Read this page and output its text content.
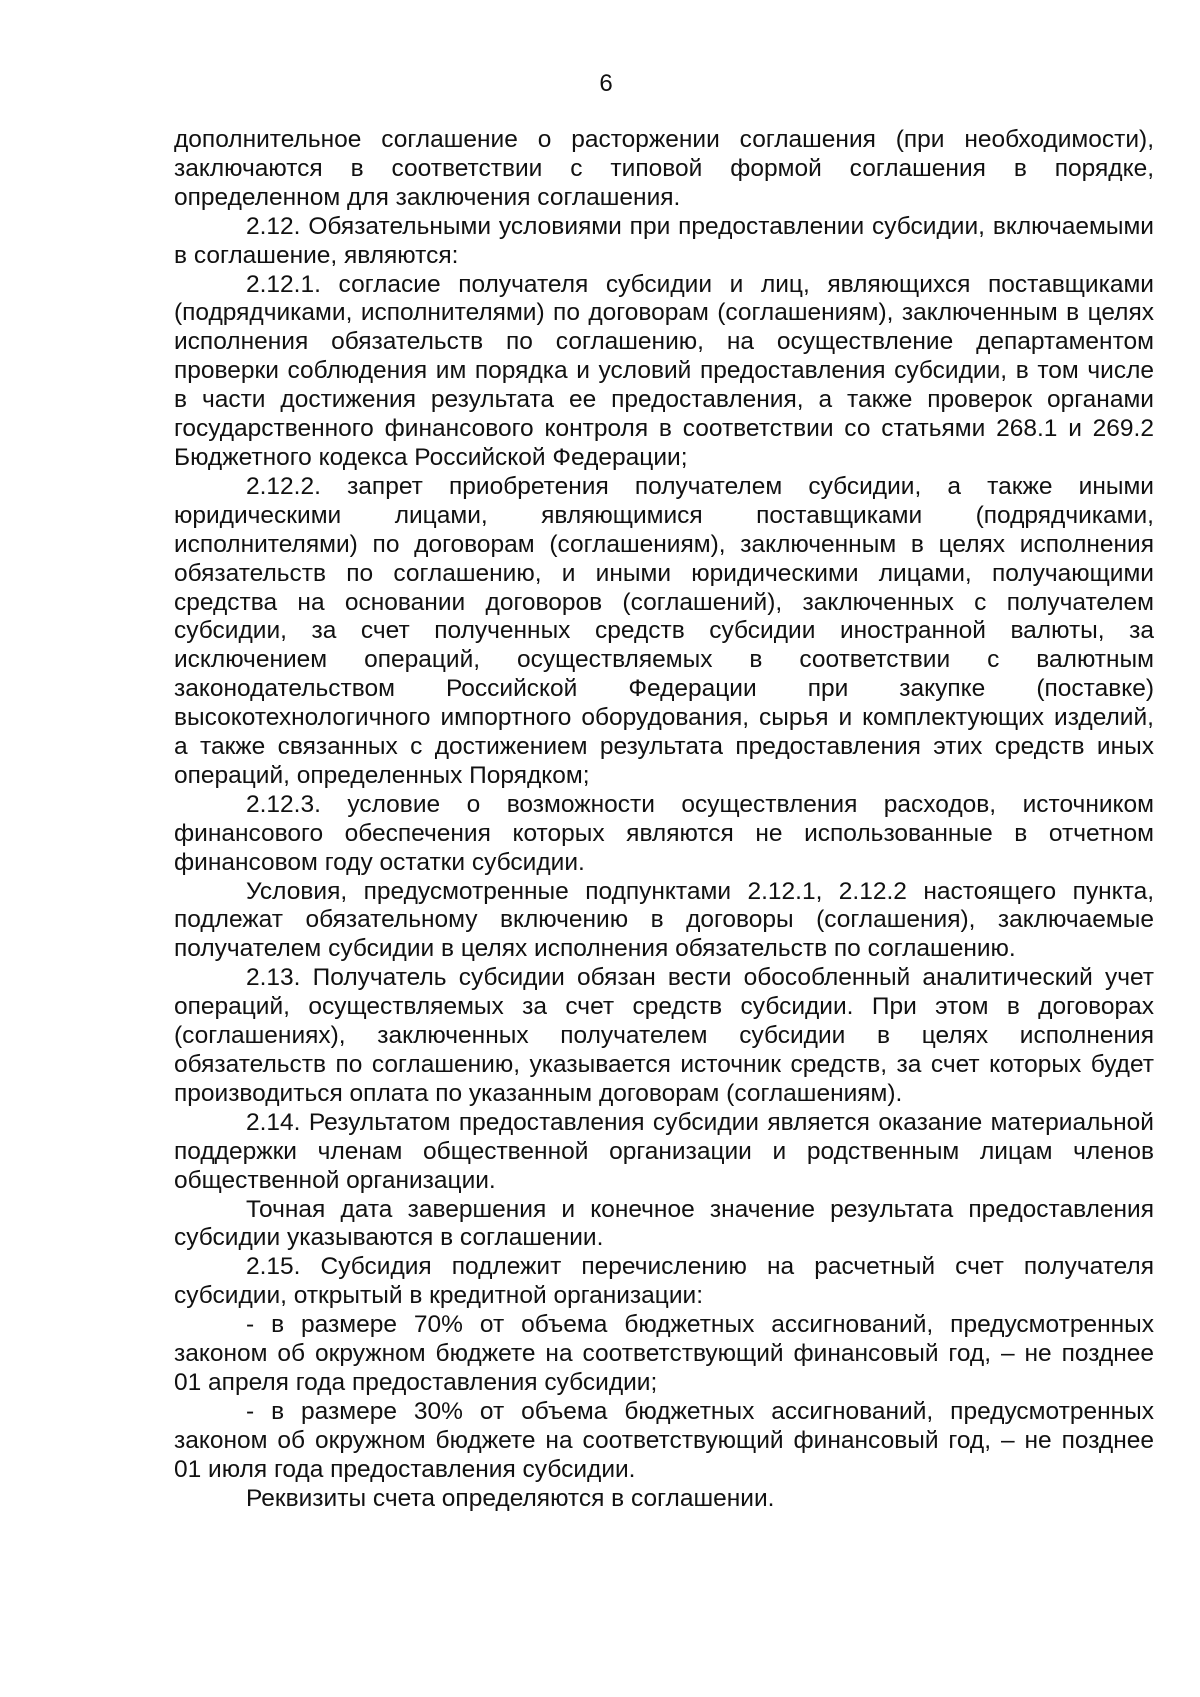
6

дополнительное соглашение о расторжении соглашения (при необходимости), заключаются в соответствии с типовой формой соглашения в порядке, определенном для заключения соглашения.

2.12. Обязательными условиями при предоставлении субсидии, включаемыми в соглашение, являются:

2.12.1. согласие получателя субсидии и лиц, являющихся поставщиками (подрядчиками, исполнителями) по договорам (соглашениям), заключенным в целях исполнения обязательств по соглашению, на осуществление департаментом проверки соблюдения им порядка и условий предоставления субсидии, в том числе в части достижения результата ее предоставления, а также проверок органами государственного финансового контроля в соответствии со статьями 268.1 и 269.2 Бюджетного кодекса Российской Федерации;

2.12.2. запрет приобретения получателем субсидии, а также иными юридическими лицами, являющимися поставщиками (подрядчиками, исполнителями) по договорам (соглашениям), заключенным в целях исполнения обязательств по соглашению, и иными юридическими лицами, получающими средства на основании договоров (соглашений), заключенных с получателем субсидии, за счет полученных средств субсидии иностранной валюты, за исключением операций, осуществляемых в соответствии с валютным законодательством Российской Федерации при закупке (поставке) высокотехнологичного импортного оборудования, сырья и комплектующих изделий, а также связанных с достижением результата предоставления этих средств иных операций, определенных Порядком;

2.12.3. условие о возможности осуществления расходов, источником финансового обеспечения которых являются не использованные в отчетном финансовом году остатки субсидии.

Условия, предусмотренные подпунктами 2.12.1, 2.12.2 настоящего пункта, подлежат обязательному включению в договоры (соглашения), заключаемые получателем субсидии в целях исполнения обязательств по соглашению.

2.13. Получатель субсидии обязан вести обособленный аналитический учет операций, осуществляемых за счет средств субсидии. При этом в договорах (соглашениях), заключенных получателем субсидии в целях исполнения обязательств по соглашению, указывается источник средств, за счет которых будет производиться оплата по указанным договорам (соглашениям).

2.14. Результатом предоставления субсидии является оказание материальной поддержки членам общественной организации и родственным лицам членов общественной организации.

Точная дата завершения и конечное значение результата предоставления субсидии указываются в соглашении.

2.15. Субсидия подлежит перечислению на расчетный счет получателя субсидии, открытый в кредитной организации:

- в размере 70% от объема бюджетных ассигнований, предусмотренных законом об окружном бюджете на соответствующий финансовый год, – не позднее 01 апреля года предоставления субсидии;

- в размере 30% от объема бюджетных ассигнований, предусмотренных законом об окружном бюджете на соответствующий финансовый год, – не позднее 01 июля года предоставления субсидии.

Реквизиты счета определяются в соглашении.
